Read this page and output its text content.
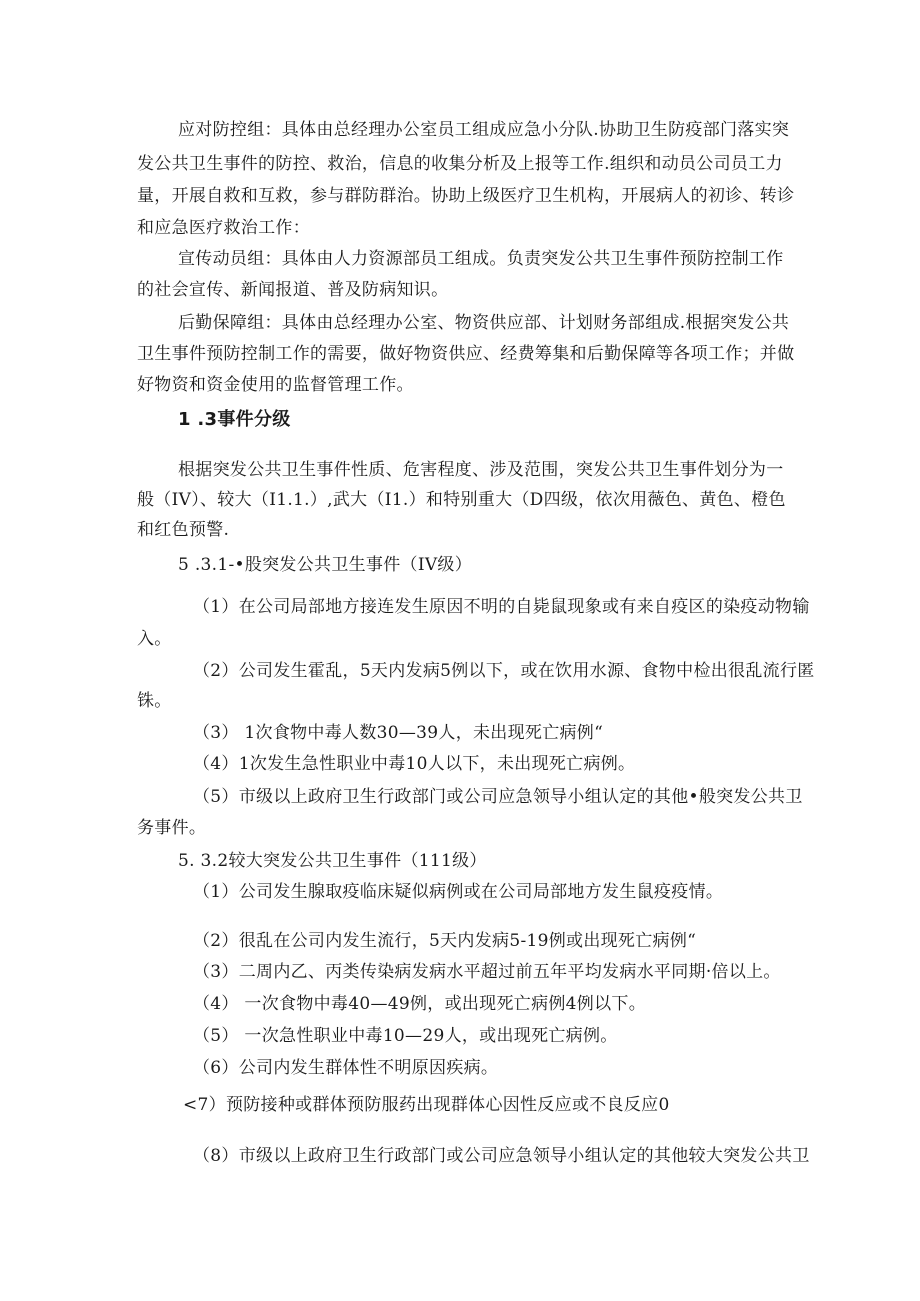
应对防控组：具体由总经理办公室员工组成应急小分队.协助卫生防疫部门落实突
发公共卫生事件的防控、救治，信息的收集分析及上报等工作.组织和动员公司员工力
量，开展自救和互救，参与群防群治。协助上级医疗卫生机构，开展病人的初诊、转诊
和应急医疗救治工作：
宣传动员组：具体由人力资源部员工组成。负责突发公共卫生事件预防控制工作
的社会宣传、新闻报道、普及防病知识。
后勤保障组：具体由总经理办公室、物资供应部、计划财务部组成.根据突发公共
卫生事件预防控制工作的需要，做好物资供应、经费筹集和后勤保障等各项工作；并做
好物资和资金使用的监督管理工作。
1 .3事件分级
根据突发公共卫生事件性质、危害程度、涉及范围，突发公共卫生事件划分为一
般（IV）、较大（I1.1.）,武大（I1.）和特别重大（D四级，依次用薇色、黄色、橙色
和红色预警.
5 .3.1-•股突发公共卫生事件（IV级）
（1）在公司局部地方接连发生原因不明的自毙鼠现象或有来自疫区的染疫动物输
入。
（2）公司发生霍乱，5天内发病5例以下，或在饮用水源、食物中检出很乱流行匿
铢。
（3） 1次食物中毒人数30—39人，未出现死亡病例“
（4）1次发生急性职业中毒10人以下，未出现死亡病例。
（5）市级以上政府卫生行政部门或公司应急领导小组认定的其他•般突发公共卫
务事件。
5. 3.2较大突发公共卫生事件（111级）
（1）公司发生腺取疫临床疑似病例或在公司局部地方发生鼠疫疫情。
（2）很乱在公司内发生流行，5天内发病5-19例或出现死亡病例“
（3）二周内乙、丙类传染病发病水平超过前五年平均发病水平同期·倍以上。
（4） 一次食物中毒40—49例，或出现死亡病例4例以下。
（5） 一次急性职业中毒10—29人，或出现死亡病例。
（6）公司内发生群体性不明原因疾病。
<7）预防接种或群体预防服药出现群体心因性反应或不良反应0
（8）市级以上政府卫生行政部门或公司应急领导小组认定的其他较大突发公共卫
